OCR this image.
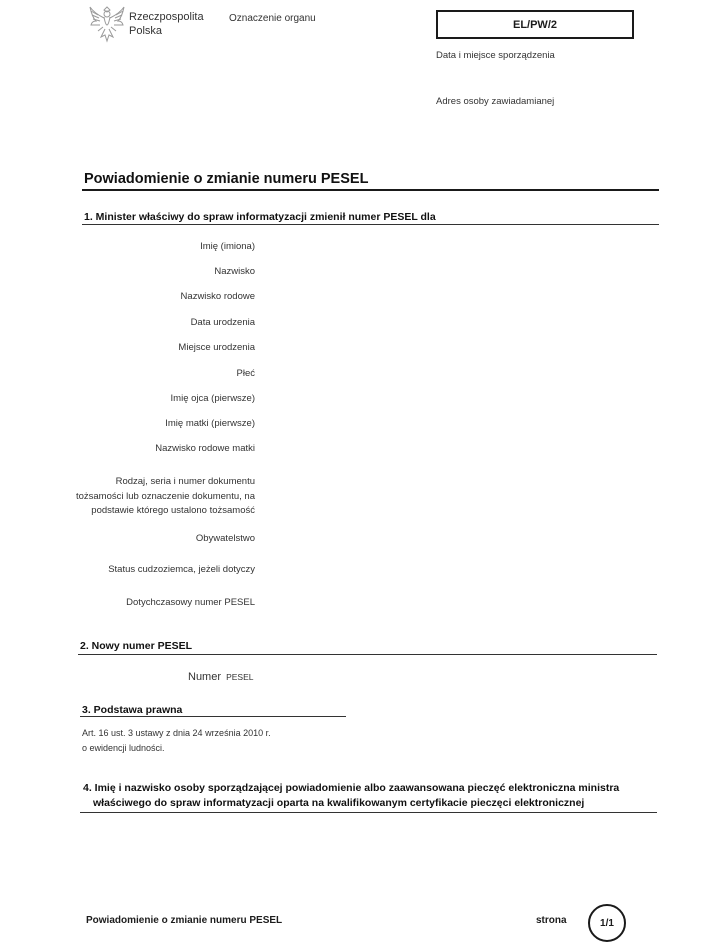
Rzeczpospolita
Polska
Oznaczenie organu	EL/PW/2
Data i miejsce sporządzenia
Adres osoby zawiadamianej
Powiadomienie o zmianie numeru PESEL
1. Minister właściwy do spraw informatyzacji zmienił numer PESEL dla
Imię (imiona)
Nazwisko
Nazwisko rodowe
Data urodzenia
Miejsce urodzenia
Płeć
Imię ojca (pierwsze)
Imię matki (pierwsze)
Nazwisko rodowe matki
Rodzaj, seria i numer dokumentu
tożsamości lub oznaczenie dokumentu, na
podstawie którego ustalono tożsamość
Obywatelstwo
Status cudzoziemca, jeżeli dotyczy
Dotychczasowy numer PESEL
2. Nowy numer PESEL
Numer PESEL
3. Podstawa prawna
Art. 16 ust. 3 ustawy z dnia 24 września 2010 r.
o ewidencji ludności.
4. Imię i nazwisko osoby sporządzającej powiadomienie albo zaawansowana pieczęć elektroniczna ministra
właściwego do spraw informatyzacji oparta na kwalifikowanym certyfikacie pieczęci elektronicznej
Powiadomienie o zmianie numeru PESEL	strona	1/1
